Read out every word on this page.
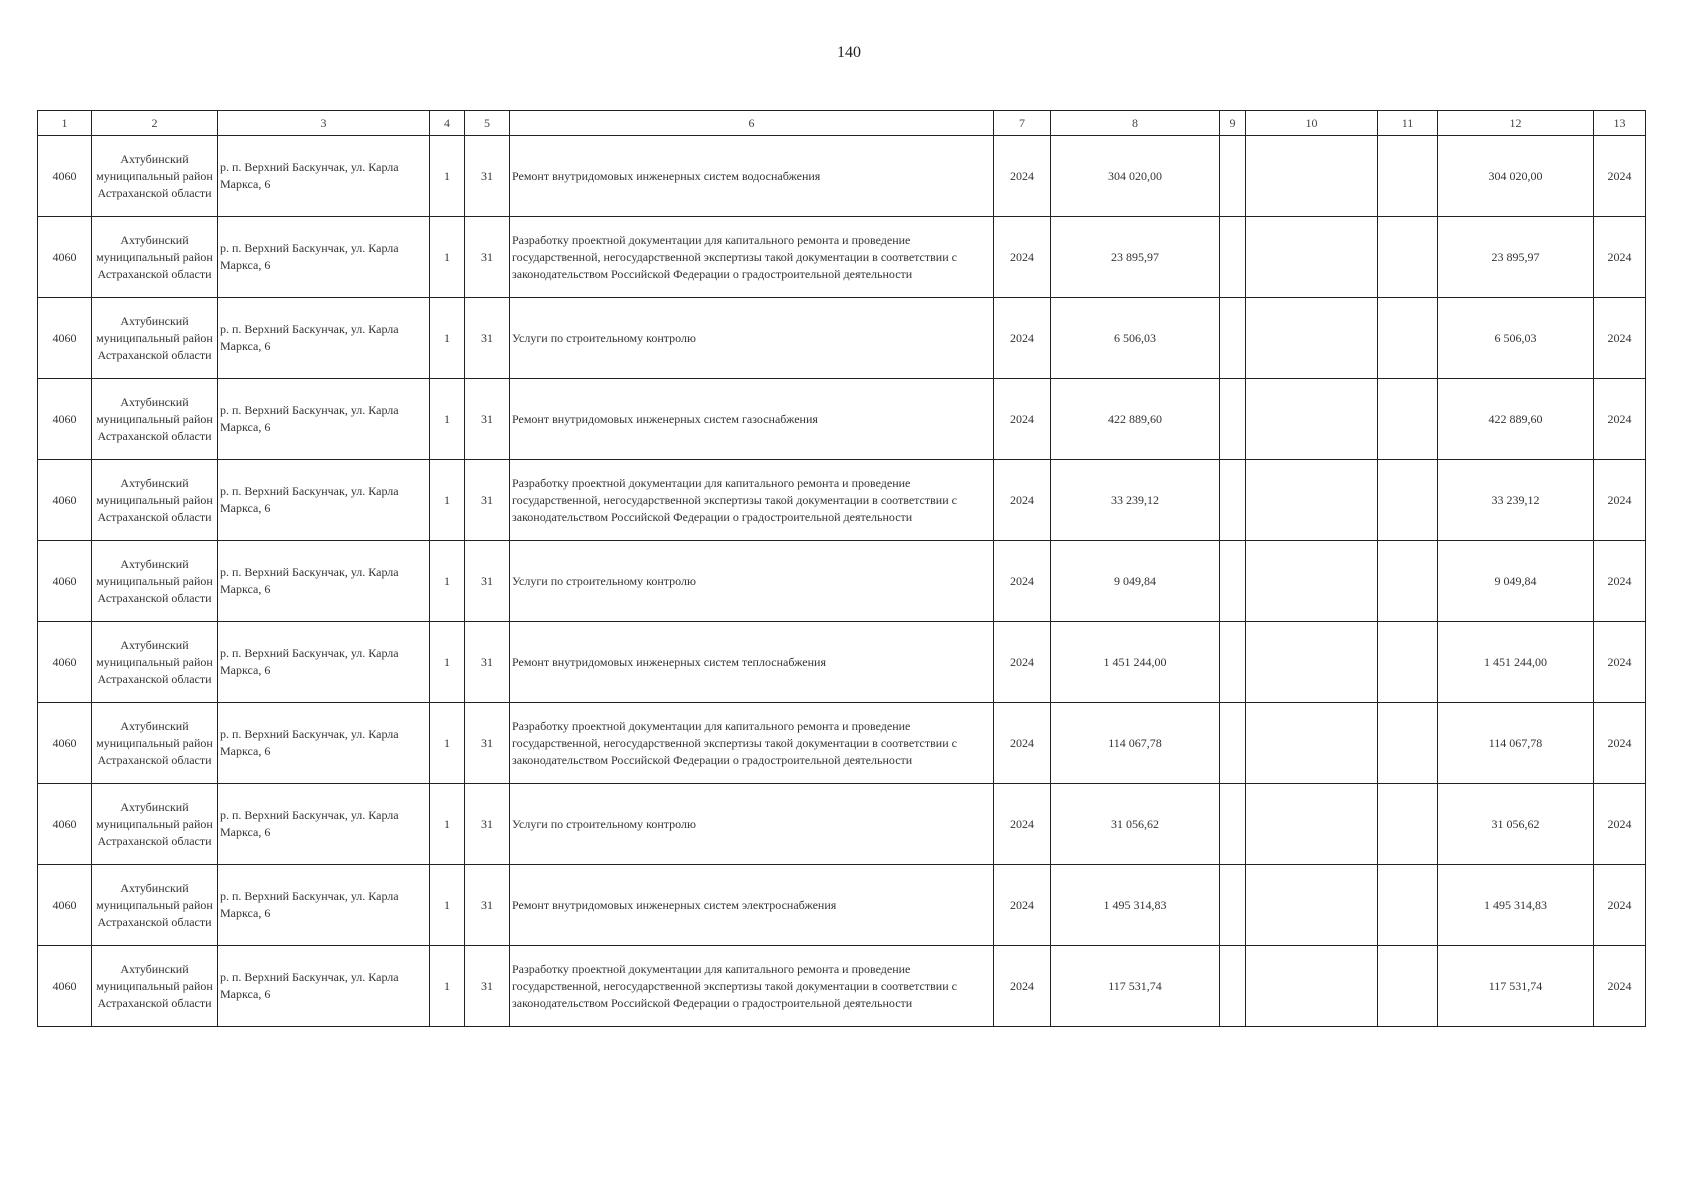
140
1	2	3	4	5	6	7	8	9	10	11	12	13
4060	Ахтубинский муниципальный район Астраханской области	р. п. Верхний Баскунчак, ул. Карла Маркса, 6	1	31	Ремонт внутридомовых инженерных систем водоснабжения	2024	304 020,00				304 020,00	2024
4060	Ахтубинский муниципальный район Астраханской области	р. п. Верхний Баскунчак, ул. Карла Маркса, 6	1	31	Разработку проектной документации для капитального ремонта и проведение государственной, негосударственной экспертизы такой документации в соответствии с законодательством Российской Федерации о градостроительной деятельности	2024	23 895,97				23 895,97	2024
4060	Ахтубинский муниципальный район Астраханской области	р. п. Верхний Баскунчак, ул. Карла Маркса, 6	1	31	Услуги по строительному контролю	2024	6 506,03				6 506,03	2024
4060	Ахтубинский муниципальный район Астраханской области	р. п. Верхний Баскунчак, ул. Карла Маркса, 6	1	31	Ремонт внутридомовых инженерных систем газоснабжения	2024	422 889,60				422 889,60	2024
4060	Ахтубинский муниципальный район Астраханской области	р. п. Верхний Баскунчак, ул. Карла Маркса, 6	1	31	Разработку проектной документации для капитального ремонта и проведение государственной, негосударственной экспертизы такой документации в соответствии с законодательством Российской Федерации о градостроительной деятельности	2024	33 239,12				33 239,12	2024
4060	Ахтубинский муниципальный район Астраханской области	р. п. Верхний Баскунчак, ул. Карла Маркса, 6	1	31	Услуги по строительному контролю	2024	9 049,84				9 049,84	2024
4060	Ахтубинский муниципальный район Астраханской области	р. п. Верхний Баскунчак, ул. Карла Маркса, 6	1	31	Ремонт внутридомовых инженерных систем теплоснабжения	2024	1 451 244,00				1 451 244,00	2024
4060	Ахтубинский муниципальный район Астраханской области	р. п. Верхний Баскунчак, ул. Карла Маркса, 6	1	31	Разработку проектной документации для капитального ремонта и проведение государственной, негосударственной экспертизы такой документации в соответствии с законодательством Российской Федерации о градостроительной деятельности	2024	114 067,78				114 067,78	2024
4060	Ахтубинский муниципальный район Астраханской области	р. п. Верхний Баскунчак, ул. Карла Маркса, 6	1	31	Услуги по строительному контролю	2024	31 056,62				31 056,62	2024
4060	Ахтубинский муниципальный район Астраханской области	р. п. Верхний Баскунчак, ул. Карла Маркса, 6	1	31	Ремонт внутридомовых инженерных систем электроснабжения	2024	1 495 314,83				1 495 314,83	2024
4060	Ахтубинский муниципальный район Астраханской области	р. п. Верхний Баскунчак, ул. Карла Маркса, 6	1	31	Разработку проектной документации для капитального ремонта и проведение государственной, негосударственной экспертизы такой документации в соответствии с законодательством Российской Федерации о градостроительной деятельности	2024	117 531,74				117 531,74	2024
